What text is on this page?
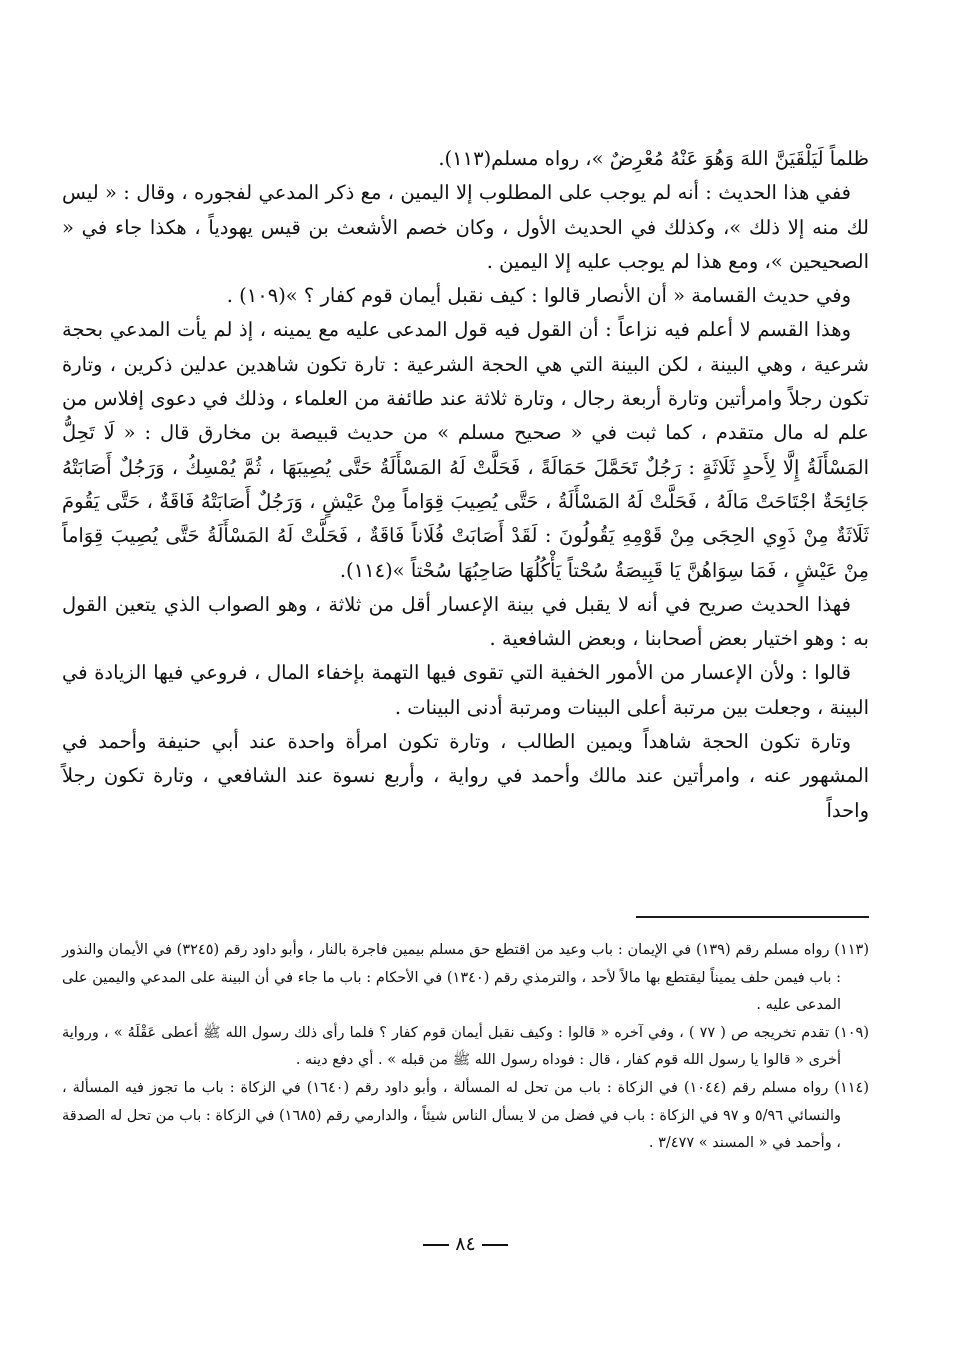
ظلماً لَيَلْقَيَنَّ اللهَ وَهُوَ عَنْهُ مُعْرِضٌ »، رواه مسلم(١١٣).

ففي هذا الحديث : أنه لم يوجب على المطلوب إلا اليمين ، مع ذكر المدعي لفجوره ، وقال : « ليس لك منه إلا ذلك »، وكذلك في الحديث الأول ، وكان خصم الأشعث بن قيس يهودياً ، هكذا جاء في « الصحيحين »، ومع هذا لم يوجب عليه إلا اليمين .

وفي حديث القسامة « أن الأنصار قالوا : كيف نقبل أيمان قوم كفار ؟ »(١٠٩) .

وهذا القسم لا أعلم فيه نزاعاً : أن القول فيه قول المدعى عليه مع يمينه ، إذ لم يأت المدعي بحجة شرعية ، وهي البينة ، لكن البينة التي هي الحجة الشرعية : تارة تكون شاهدين عدلين ذكرين ، وتارة تكون رجلاً وامرأتين وتارة أربعة رجال ، وتارة ثلاثة عند طائفة من العلماء ، وذلك في دعوى إفلاس من علم له مال متقدم ، كما ثبت في « صحيح مسلم » من حديث قبيصة بن مخارق قال : « لَا تَحِلُّ المَسْأَلَةُ إِلَّا لِأَحدٍ ثَلَاثَةٍ : رَجُلٌ تَحَمَّلَ حَمَالَةً ، فَحَلَّتْ لَهُ المَسْأَلَةُ حَتَّى يُصِيبَهَا ، ثُمَّ يُمْسِكُ ، وَرَجُلٌ أَصَابَتْهُ جَائِحَةٌ اجْتَاحَتْ مَالَهُ ، فَحَلَّتْ لَهُ المَسْأَلَةُ ، حَتَّى يُصِيبَ قِوَاماً مِنْ عَيْشٍ ، وَرَجُلٌ أَصَابَتْهُ فَاقَةٌ ، حَتَّى يَقُومَ ثَلَاثَةٌ مِنْ ذَوِي الحِجَى مِنْ قَوْمِهِ يَقُولُونَ : لَقَدْ أَصَابَتْ فُلَاناً فَاقَةٌ ، فَحَلَّتْ لَهُ المَسْأَلَةُ حَتَّى يُصِيبَ قِوَاماً مِنْ عَيْشٍ ، فَمَا سِوَاهُنَّ يَا قَبِيصَةُ سُحْتاً يَأْكُلُهَا صَاحِبُهَا سُحْتاً »(١١٤).

فهذا الحديث صريح في أنه لا يقبل في بينة الإعسار أقل من ثلاثة ، وهو الصواب الذي يتعين القول به : وهو اختيار بعض أصحابنا ، وبعض الشافعية .

قالوا : ولأن الإعسار من الأمور الخفية التي تقوى فيها التهمة بإخفاء المال ، فروعي فيها الزيادة في البينة ، وجعلت بين مرتبة أعلى البينات ومرتبة أدنى البينات .

وتارة تكون الحجة شاهداً ويمين الطالب ، وتارة تكون امرأة واحدة عند أبي حنيفة وأحمد في المشهور عنه ، وامرأتين عند مالك وأحمد في رواية ، وأربع نسوة عند الشافعي ، وتارة تكون رجلاً واحداً

(١١٣) رواه مسلم رقم (١٣٩) في الإيمان : باب وعيد من اقتطع حق مسلم بيمين فاجرة بالنار ، وأبو داود رقم (٣٢٤٥) في الأيمان والنذور : باب فيمن حلف يميناً ليقتطع بها مالاً لأحد ، والترمذي رقم (١٣٤٠) في الأحكام : باب ما جاء في أن البينة على المدعي واليمين على المدعى عليه .

(١٠٩) تقدم تخريجه ص ( ٧٧ ) ، وفي آخره « قالوا : وكيف نقبل أيمان قوم كفار ؟ فلما رأى ذلك رسول الله ﷺ أعطى عَقْلَهُ » ، ورواية أخرى « قالوا يا رسول الله قوم كفار ، قال : فوداه رسول الله ﷺ من قبله » . أي دفع دينه .

(١١٤) رواه مسلم رقم (١٠٤٤) في الزكاة : باب من تحل له المسألة ، وأبو داود رقم (١٦٤٠) في الزكاة : باب ما تجوز فيه المسألة ، والنسائي ٥/٩٦ و ٩٧ في الزكاة : باب في فضل من لا يسأل الناس شيئاً ، والدارمي رقم (١٦٨٥) في الزكاة : باب من تحل له الصدقة ، وأحمد في « المسند » ٣/٤٧٧ .

٨٤
